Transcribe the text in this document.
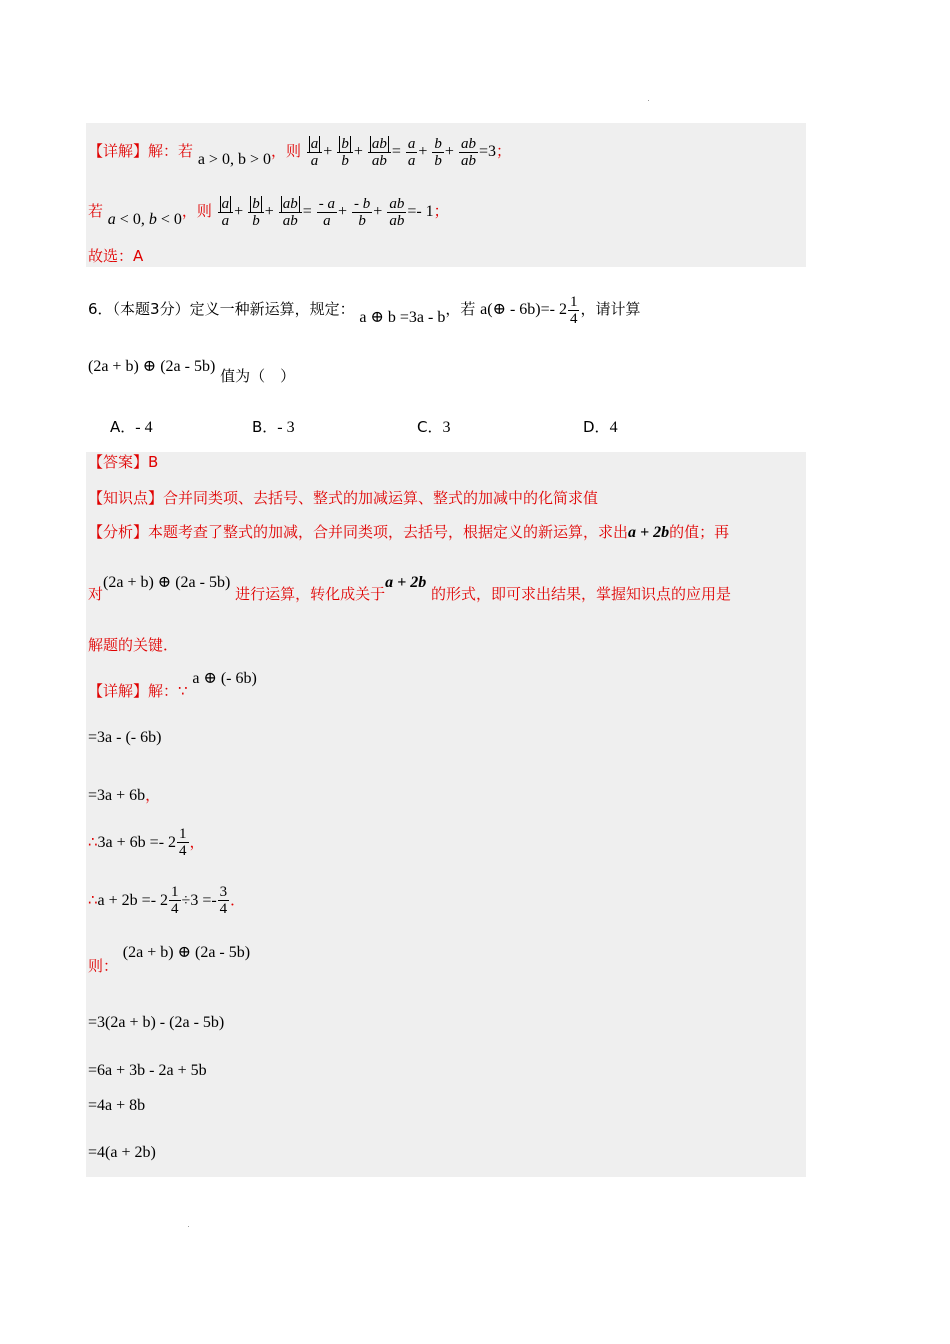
【详解】解：若 a > 0, b > 0，则 $\frac{a}{a} + \frac{b}{b} + \frac{ab}{ab} = \frac{a}{a} + \frac{b}{b} + \frac{ab}{ab} =3$；
若 a < 0, b < 0，则 $\frac{a}{a} + \frac{b}{b} + \frac{ab}{ab} = \frac{- a}{a} + \frac{- b}{b} + \frac{ab}{ab} =- 1$；
故选：A
6．（本题3分）定义一种新运算，规定： a ⊕ b =3a - b，若 a(⊕ - 6b)=- $2 \frac{1}{4}$ ，请计算
(2a + b) ⊕ (2a - 5b) 值为（　）
A．- 4	B．- 3	C．3	D．4
【答案】B
【知识点】合并同类项、去括号、整式的加减运算、整式的加减中的化简求值
【分析】本题考查了整式的加减，合并同类项，去括号，根据定义的新运算，求出a + 2b的值；再
对(2a + b) ⊕ (2a - 5b) 进行运算，转化成关于a + 2b 的形式，即可求出结果，掌握知识点的应用是
解题的关键．
【详解】解：∵ a ⊕ (- 6b)
=3a - (- 6b)
=3a + 6b，
∴3a + $6b =- 2 \frac{1}{4}$ ，
∴a + $2b =- 2 \frac{1}{4} \div 3 =- \frac{3}{4}$ ．
则： (2a + b) ⊕ (2a - 5b)
=3(2a + b) - (2a - 5b)
=6a + 3b - 2a + 5b
=4a + 8b
=4(a + 2b)
